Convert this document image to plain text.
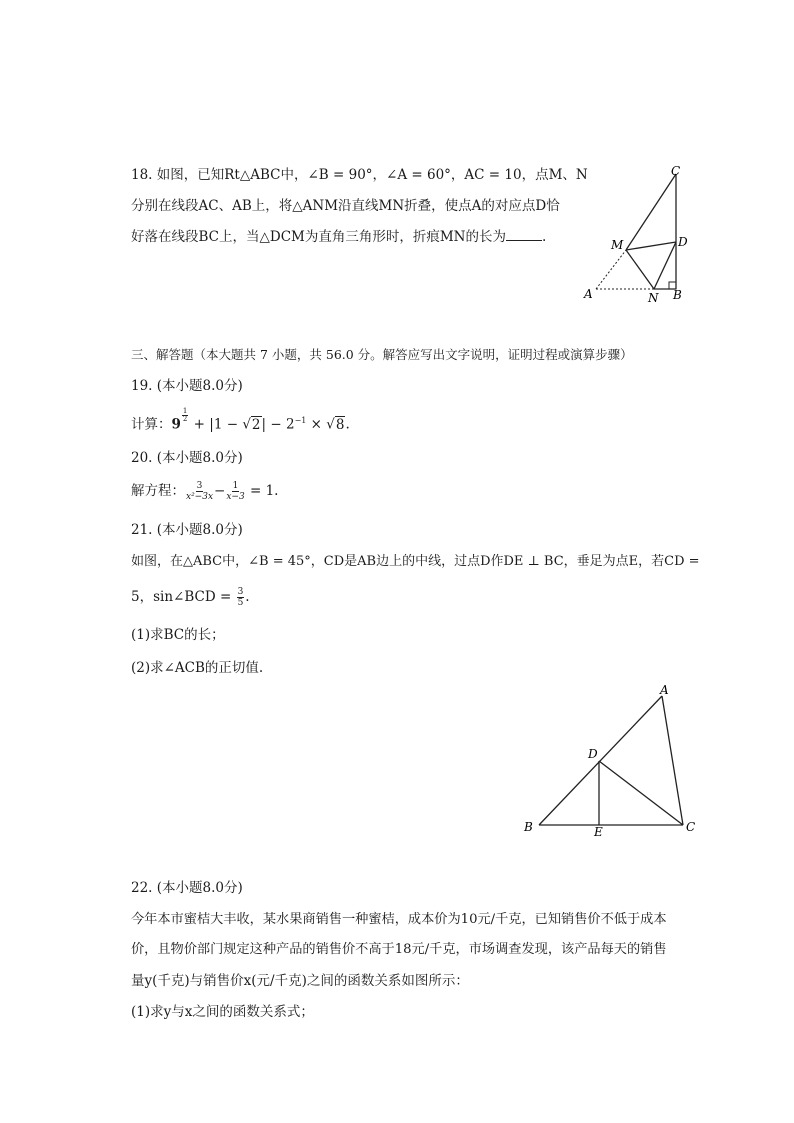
18. 如图，已知Rt△ABC中，∠B = 90°，∠A = 60°，AC = 10，点M、N
分别在线段AC、AB上，将△ANM沿直线MN折叠，使点A的对应点D恰
好落在线段BC上，当△DCM为直角三角形时，折痕MN的长为	.
C
M	D
A	N B
三、解答题（本大题共 7 小题，共 56.0 分。解答应写出文字说明，证明过程或演算步骤）
19. (本小题8.0分)
计算：9
$\frac{1}{2}$
+ $|1 - √2| - 2^{-1} \times √8$.
20. (本小题8.0分)
解方程： $\frac{3}{\text{x²−3x}} - \frac{1}{x-3} = 1$.
21. (本小题8.0分)
如图，在△ABC中，∠B = 45°，CD是AB边上的中线，过点D作DE ⊥ BC，垂足为点E，若CD =
5，sin∠BCD = $\frac{3}{5}$ .
(1)求BC的长；
(2)求∠ACB的正切值.
A
D
B	E	C
22. (本小题8.0分)
今年本市蜜桔大丰收，某水果商销售一种蜜桔，成本价为10元/千克，已知销售价不低于成本
价，且物价部门规定这种产品的销售价不高于18元/千克，市场调查发现，该产品每天的销售
量y(千克)与销售价x(元/千克)之间的函数关系如图所示：
(1)求y与x之间的函数关系式；
